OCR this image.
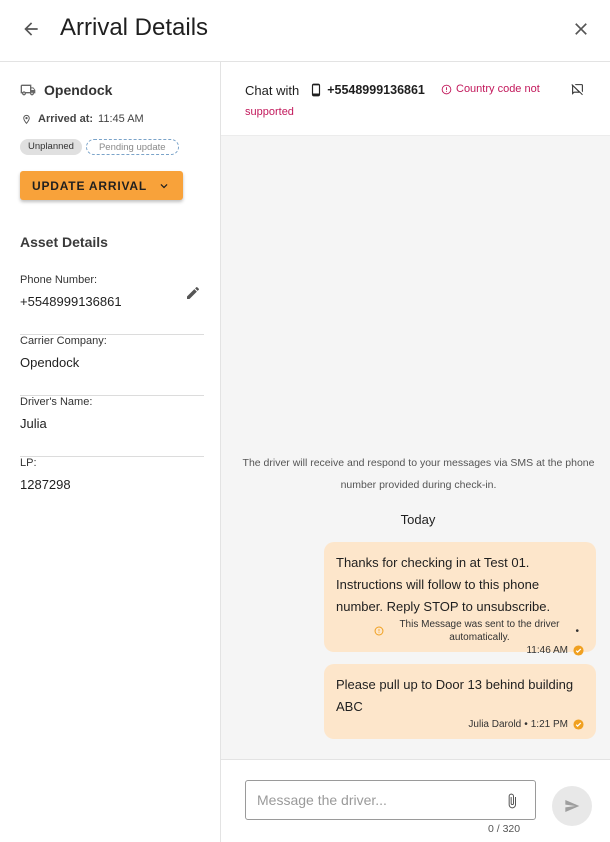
Arrival Details
Opendock
Arrived at: 11:45 AM
Unplanned	Pending update
UPDATE ARRIVAL
Asset Details
Phone Number:
+5548999136861
Carrier Company:
Opendock
Driver's Name:
Julia
LP:
1287298
Chat with +5548999136861	Country code not
supported
The driver will receive and respond to your messages via SMS at the phone number provided during check-in.
Today
Thanks for checking in at Test 01. Instructions will follow to this phone number. Reply STOP to unsubscribe.
This Message was sent to the driver automatically.
•
11:46 AM
Please pull up to Door 13 behind building ABC
Julia Darold • 1:21 PM
Message the driver...
0 / 320
